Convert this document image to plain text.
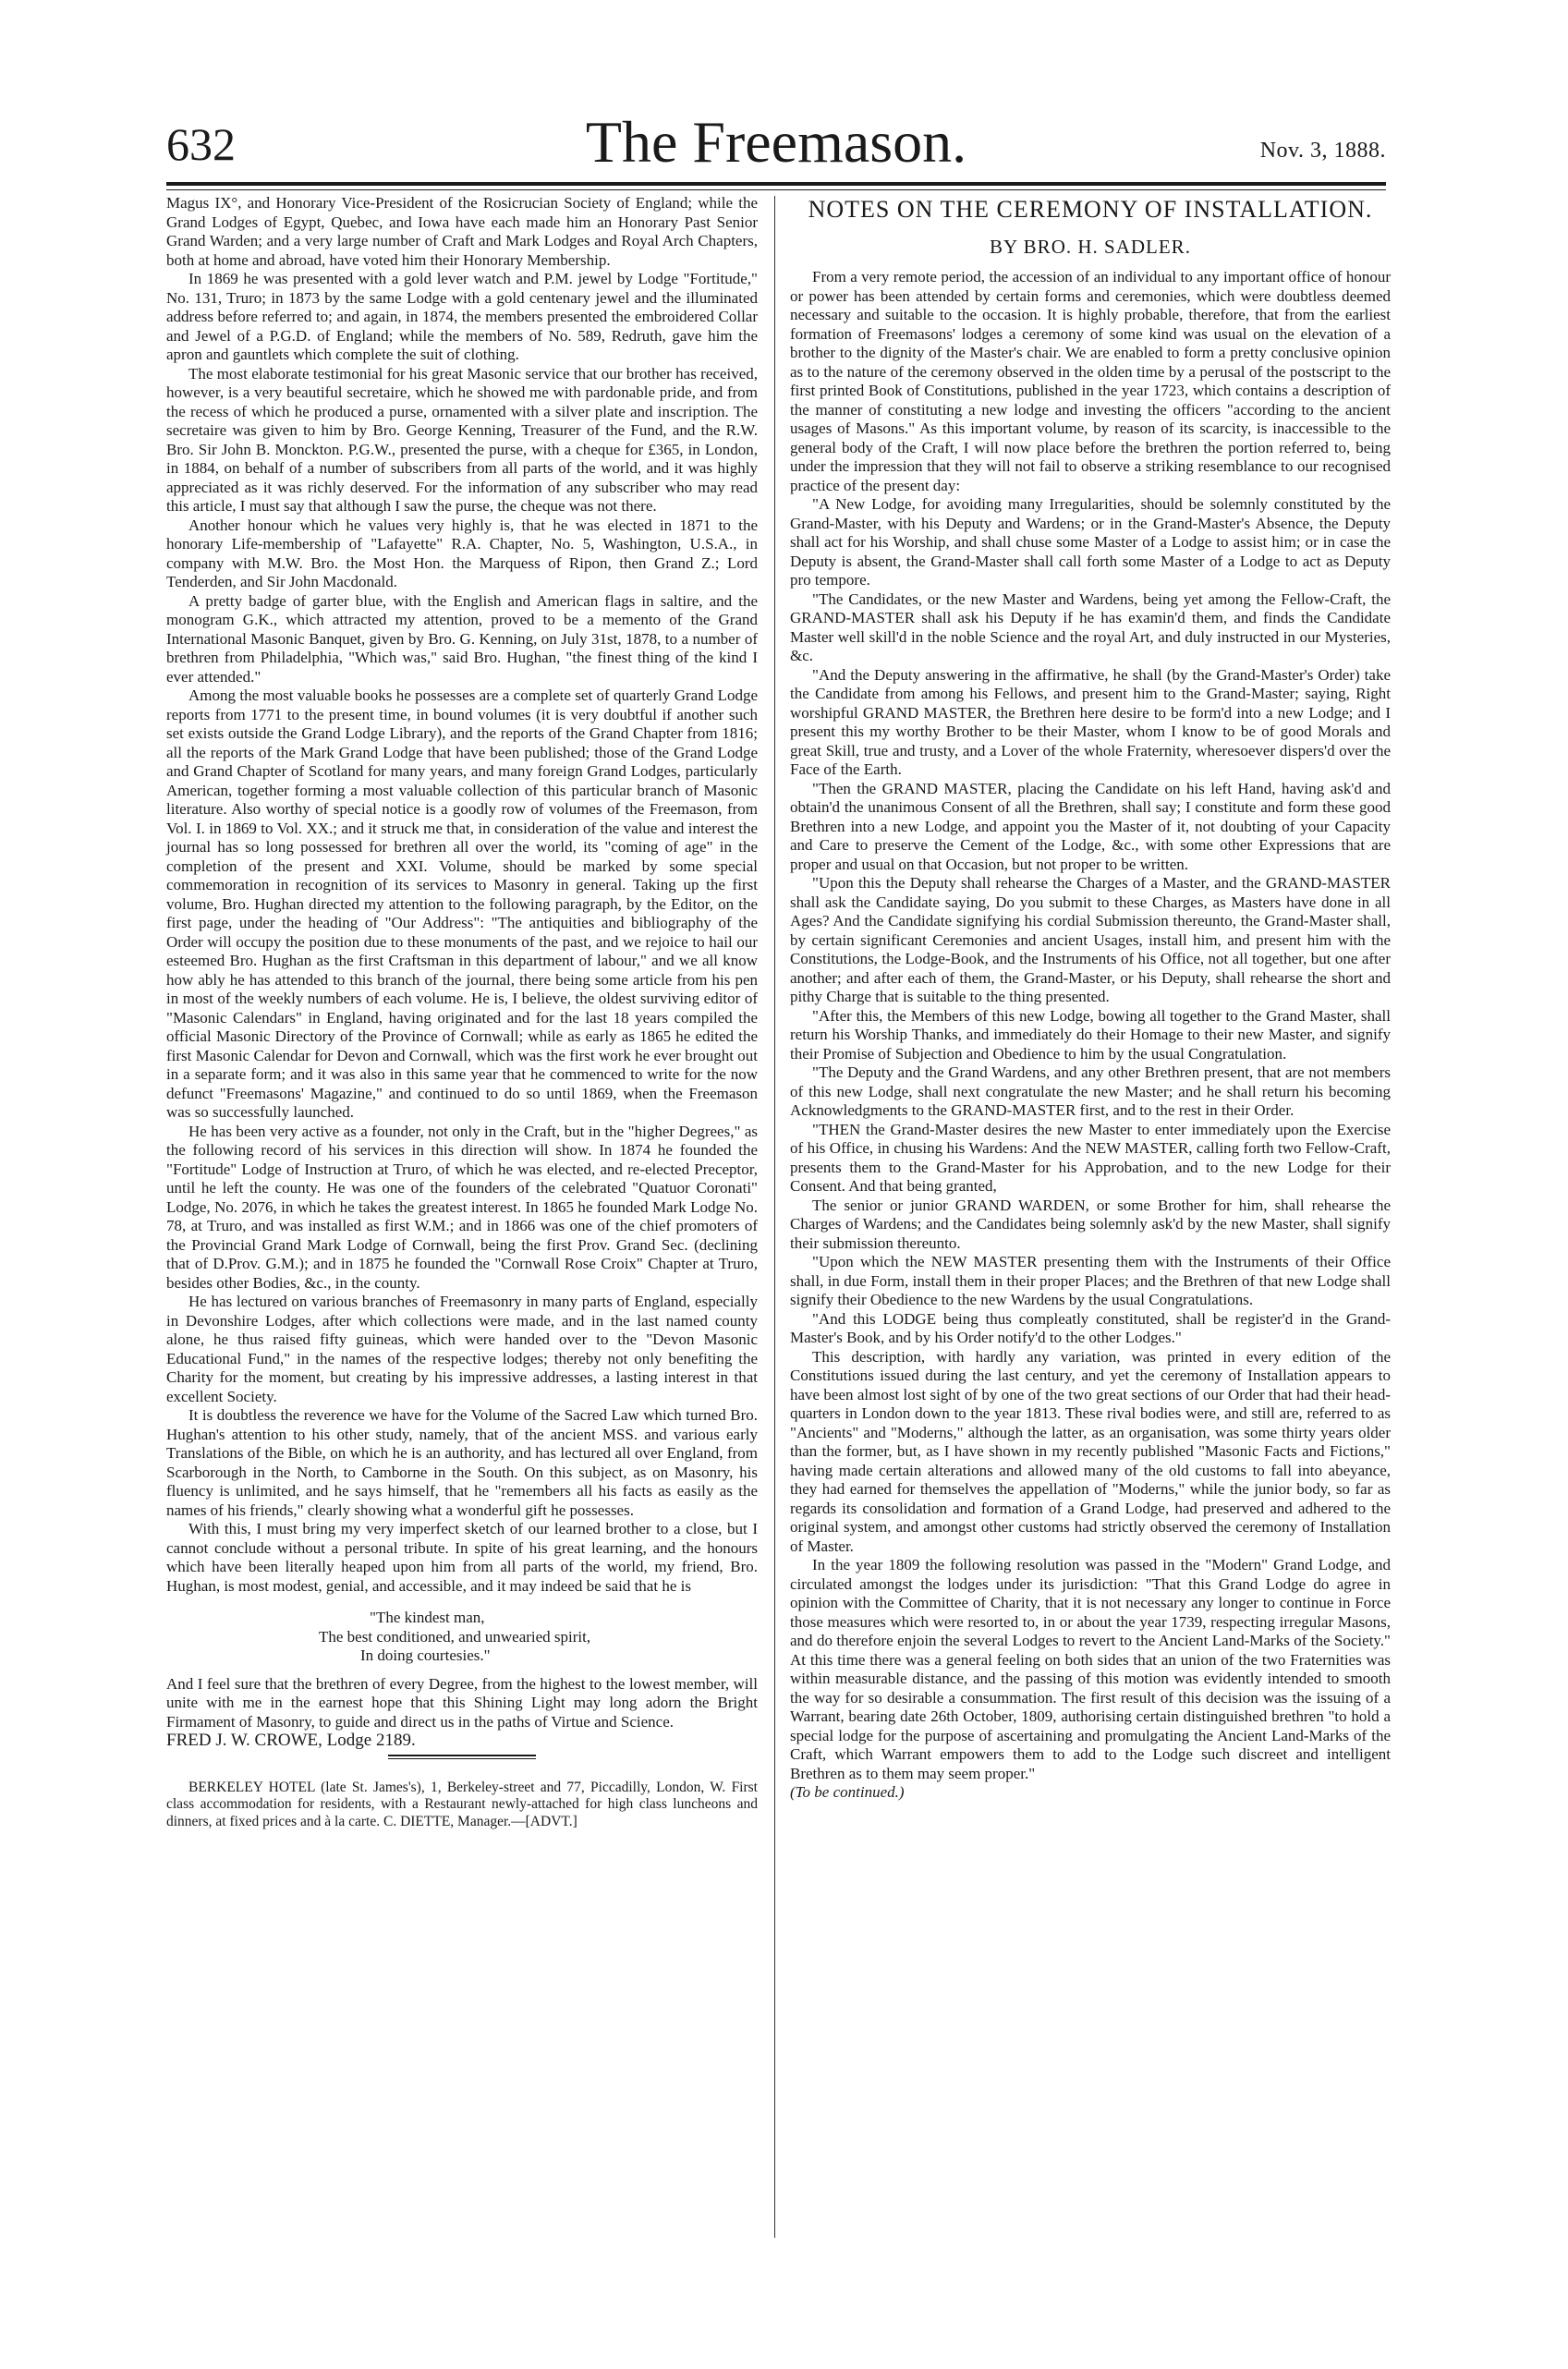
632	The Freemason.	Nov. 3, 1888.

Magus IX°, and Honorary Vice-President of the Rosicrucian Society of England; while the Grand Lodges of Egypt, Quebec, and Iowa have each made him an Honorary Past Senior Grand Warden; and a very large number of Craft and Mark Lodges and Royal Arch Chapters, both at home and abroad, have voted him their Honorary Membership.

In 1869 he was presented with a gold lever watch and P.M. jewel by Lodge "Fortitude," No. 131, Truro; in 1873 by the same Lodge with a gold centenary jewel and the illuminated address before referred to; and again, in 1874, the members presented the embroidered Collar and Jewel of a P.G.D. of England; while the members of No. 589, Redruth, gave him the apron and gauntlets which complete the suit of clothing.

The most elaborate testimonial for his great Masonic service that our brother has received, however, is a very beautiful secretaire, which he showed me with pardonable pride, and from the recess of which he produced a purse, ornamented with a silver plate and inscription. The secretaire was given to him by Bro. George Kenning, Treasurer of the Fund, and the R.W. Bro. Sir John B. Monckton. P.G.W., presented the purse, with a cheque for £365, in London, in 1884, on behalf of a number of subscribers from all parts of the world, and it was highly appreciated as it was richly deserved. For the information of any subscriber who may read this article, I must say that although I saw the purse, the cheque was not there.

Another honour which he values very highly is, that he was elected in 1871 to the honorary Life-membership of "Lafayette" R.A. Chapter, No. 5, Washington, U.S.A., in company with M.W. Bro. the Most Hon. the Marquess of Ripon, then Grand Z.; Lord Tenderden, and Sir John Macdonald.

A pretty badge of garter blue, with the English and American flags in saltire, and the monogram G.K., which attracted my attention, proved to be a memento of the Grand International Masonic Banquet, given by Bro. G. Kenning, on July 31st, 1878, to a number of brethren from Philadelphia, "Which was," said Bro. Hughan, "the finest thing of the kind I ever attended."

Among the most valuable books he possesses are a complete set of quarterly Grand Lodge reports from 1771 to the present time, in bound volumes (it is very doubtful if another such set exists outside the Grand Lodge Library), and the reports of the Grand Chapter from 1816; all the reports of the Mark Grand Lodge that have been published; those of the Grand Lodge and Grand Chapter of Scotland for many years, and many foreign Grand Lodges, particularly American, together forming a most valuable collection of this particular branch of Masonic literature. Also worthy of special notice is a goodly row of volumes of the Freemason, from Vol. I. in 1869 to Vol. XX.; and it struck me that, in consideration of the value and interest the journal has so long possessed for brethren all over the world, its "coming of age" in the completion of the present and XXI. Volume, should be marked by some special commemoration in recognition of its services to Masonry in general. Taking up the first volume, Bro. Hughan directed my attention to the following paragraph, by the Editor, on the first page, under the heading of "Our Address": "The antiquities and bibliography of the Order will occupy the position due to these monuments of the past, and we rejoice to hail our esteemed Bro. Hughan as the first Craftsman in this department of labour," and we all know how ably he has attended to this branch of the journal, there being some article from his pen in most of the weekly numbers of each volume. He is, I believe, the oldest surviving editor of "Masonic Calendars" in England, having originated and for the last 18 years compiled the official Masonic Directory of the Province of Cornwall; while as early as 1865 he edited the first Masonic Calendar for Devon and Cornwall, which was the first work he ever brought out in a separate form; and it was also in this same year that he commenced to write for the now defunct "Freemasons' Magazine," and continued to do so until 1869, when the Freemason was so successfully launched.

He has been very active as a founder, not only in the Craft, but in the "higher Degrees," as the following record of his services in this direction will show. In 1874 he founded the "Fortitude" Lodge of Instruction at Truro, of which he was elected, and re-elected Preceptor, until he left the county. He was one of the founders of the celebrated "Quatuor Coronati" Lodge, No. 2076, in which he takes the greatest interest. In 1865 he founded Mark Lodge No. 78, at Truro, and was installed as first W.M.; and in 1866 was one of the chief promoters of the Provincial Grand Mark Lodge of Cornwall, being the first Prov. Grand Sec. (declining that of D.Prov. G.M.); and in 1875 he founded the "Cornwall Rose Croix" Chapter at Truro, besides other Bodies, &c., in the county.

He has lectured on various branches of Freemasonry in many parts of England, especially in Devonshire Lodges, after which collections were made, and in the last named county alone, he thus raised fifty guineas, which were handed over to the "Devon Masonic Educational Fund," in the names of the respective lodges; thereby not only benefiting the Charity for the moment, but creating by his impressive addresses, a lasting interest in that excellent Society.

It is doubtless the reverence we have for the Volume of the Sacred Law which turned Bro. Hughan's attention to his other study, namely, that of the ancient MSS. and various early Translations of the Bible, on which he is an authority, and has lectured all over England, from Scarborough in the North, to Camborne in the South. On this subject, as on Masonry, his fluency is unlimited, and he says himself, that he "remembers all his facts as easily as the names of his friends," clearly showing what a wonderful gift he possesses.

With this, I must bring my very imperfect sketch of our learned brother to a close, but I cannot conclude without a personal tribute. In spite of his great learning, and the honours which have been literally heaped upon him from all parts of the world, my friend, Bro. Hughan, is most modest, genial, and accessible, and it may indeed be said that he is

"The kindest man,
The best conditioned, and unwearied spirit,
In doing courtesies."

And I feel sure that the brethren of every Degree, from the highest to the lowest member, will unite with me in the earnest hope that this Shining Light may long adorn the Bright Firmament of Masonry, to guide and direct us in the paths of Virtue and Science.

FRED J. W. CROWE, Lodge 2189.

BERKELEY HOTEL (late St. James's), 1, Berkeley-street and 77, Piccadilly, London, W. First class accommodation for residents, with a Restaurant newly-attached for high class luncheons and dinners, at fixed prices and à la carte. C. DIETTE, Manager.—[ADVT.]

NOTES ON THE CEREMONY OF INSTALLATION.
BY BRO. H. SADLER.

From a very remote period, the accession of an individual to any important office of honour or power has been attended by certain forms and ceremonies, which were doubtless deemed necessary and suitable to the occasion. It is highly probable, therefore, that from the earliest formation of Freemasons' lodges a ceremony of some kind was usual on the elevation of a brother to the dignity of the Master's chair. We are enabled to form a pretty conclusive opinion as to the nature of the ceremony observed in the olden time by a perusal of the postscript to the first printed Book of Constitutions, published in the year 1723, which contains a description of the manner of constituting a new lodge and investing the officers "according to the ancient usages of Masons." As this important volume, by reason of its scarcity, is inaccessible to the general body of the Craft, I will now place before the brethren the portion referred to, being under the impression that they will not fail to observe a striking resemblance to our recognised practice of the present day:

"A New Lodge, for avoiding many Irregularities, should be solemnly constituted by the Grand-Master, with his Deputy and Wardens; or in the Grand-Master's Absence, the Deputy shall act for his Worship, and shall chuse some Master of a Lodge to assist him; or in case the Deputy is absent, the Grand-Master shall call forth some Master of a Lodge to act as Deputy pro tempore.

"The Candidates, or the new Master and Wardens, being yet among the Fellow-Craft, the GRAND-MASTER shall ask his Deputy if he has examin'd them, and finds the Candidate Master well skill'd in the noble Science and the royal Art, and duly instructed in our Mysteries, &c.

"And the Deputy answering in the affirmative, he shall (by the Grand-Master's Order) take the Candidate from among his Fellows, and present him to the Grand-Master; saying, Right worshipful GRAND MASTER, the Brethren here desire to be form'd into a new Lodge; and I present this my worthy Brother to be their Master, whom I know to be of good Morals and great Skill, true and trusty, and a Lover of the whole Fraternity, wheresoever dispers'd over the Face of the Earth.

"Then the GRAND MASTER, placing the Candidate on his left Hand, having ask'd and obtain'd the unanimous Consent of all the Brethren, shall say; I constitute and form these good Brethren into a new Lodge, and appoint you the Master of it, not doubting of your Capacity and Care to preserve the Cement of the Lodge, &c., with some other Expressions that are proper and usual on that Occasion, but not proper to be written.

"Upon this the Deputy shall rehearse the Charges of a Master, and the GRAND-MASTER shall ask the Candidate saying, Do you submit to these Charges, as Masters have done in all Ages? And the Candidate signifying his cordial Submission thereunto, the Grand-Master shall, by certain significant Ceremonies and ancient Usages, install him, and present him with the Constitutions, the Lodge-Book, and the Instruments of his Office, not all together, but one after another; and after each of them, the Grand-Master, or his Deputy, shall rehearse the short and pithy Charge that is suitable to the thing presented.

"After this, the Members of this new Lodge, bowing all together to the Grand Master, shall return his Worship Thanks, and immediately do their Homage to their new Master, and signify their Promise of Subjection and Obedience to him by the usual Congratulation.

"The Deputy and the Grand Wardens, and any other Brethren present, that are not members of this new Lodge, shall next congratulate the new Master; and he shall return his becoming Acknowledgments to the GRAND-MASTER first, and to the rest in their Order.

"THEN the Grand-Master desires the new Master to enter immediately upon the Exercise of his Office, in chusing his Wardens: And the NEW MASTER, calling forth two Fellow-Craft, presents them to the Grand-Master for his Approbation, and to the new Lodge for their Consent. And that being granted,

The senior or junior GRAND WARDEN, or some Brother for him, shall rehearse the Charges of Wardens; and the Candidates being solemnly ask'd by the new Master, shall signify their submission thereunto.

"Upon which the NEW MASTER presenting them with the Instruments of their Office shall, in due Form, install them in their proper Places; and the Brethren of that new Lodge shall signify their Obedience to the new Wardens by the usual Congratulations.

"And this LODGE being thus compleatly constituted, shall be register'd in the Grand-Master's Book, and by his Order notify'd to the other Lodges."

This description, with hardly any variation, was printed in every edition of the Constitutions issued during the last century, and yet the ceremony of Installation appears to have been almost lost sight of by one of the two great sections of our Order that had their head-quarters in London down to the year 1813. These rival bodies were, and still are, referred to as "Ancients" and "Moderns," although the latter, as an organisation, was some thirty years older than the former, but, as I have shown in my recently published "Masonic Facts and Fictions," having made certain alterations and allowed many of the old customs to fall into abeyance, they had earned for themselves the appellation of "Moderns," while the junior body, so far as regards its consolidation and formation of a Grand Lodge, had preserved and adhered to the original system, and amongst other customs had strictly observed the ceremony of Installation of Master.

In the year 1809 the following resolution was passed in the "Modern" Grand Lodge, and circulated amongst the lodges under its jurisdiction: "That this Grand Lodge do agree in opinion with the Committee of Charity, that it is not necessary any longer to continue in Force those measures which were resorted to, in or about the year 1739, respecting irregular Masons, and do therefore enjoin the several Lodges to revert to the Ancient Land-Marks of the Society." At this time there was a general feeling on both sides that an union of the two Fraternities was within measurable distance, and the passing of this motion was evidently intended to smooth the way for so desirable a consummation. The first result of this decision was the issuing of a Warrant, bearing date 26th October, 1809, authorising certain distinguished brethren "to hold a special lodge for the purpose of ascertaining and promulgating the Ancient Land-Marks of the Craft, which Warrant empowers them to add to the Lodge such discreet and intelligent Brethren as to them may seem proper."

(To be continued.)
